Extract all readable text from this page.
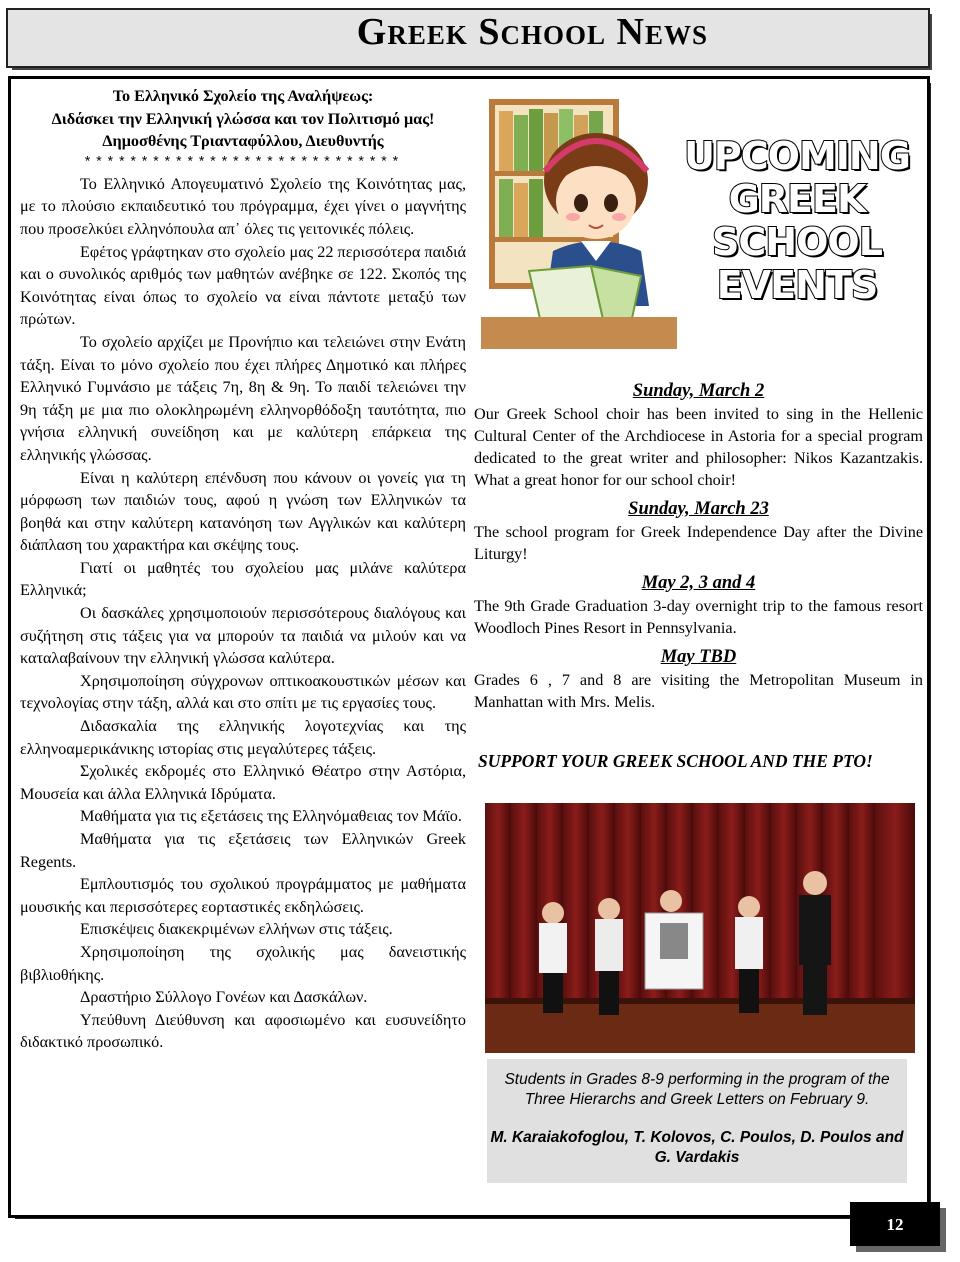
Greek School News
Το Ελληνικό Σχολείο της Αναλήψεως:
Διδάσκει την Ελληνική γλώσσα και τον Πολιτισμό μας!
Δημοσθένης Τριανταφύλλου, Διευθυντής
****************************

Το Ελληνικό Απογευματινό Σχολείο της Κοινότητας μας, με το πλούσιο εκπαιδευτικό του πρόγραμμα, έχει γίνει ο μαγνήτης που προσελκύει ελληνόπουλα απ᾽ όλες τις γειτονικές πόλεις.

Εφέτος γράφτηκαν στο σχολείο μας 22 περισσότερα παιδιά και ο συνολικός αριθμός των μαθητών ανέβηκε σε 122. Σκοπός της Κοινότητας είναι όπως το σχολείο να είναι πάντοτε μεταξύ των πρώτων.

Το σχολείο αρχίζει με Προνήπιο και τελειώνει στην Ενάτη τάξη. Είναι το μόνο σχολείο που έχει πλήρες Δημοτικό και πλήρες Ελληνικό Γυμνάσιο με τάξεις 7η, 8η & 9η. Το παιδί τελειώνει την 9η τάξη με μια πιο ολοκληρωμένη ελληνορθόδοξη ταυτότητα, πιο γνήσια ελληνική συνείδηση και με καλύτερη επάρκεια της ελληνικής γλώσσας.

Είναι η καλύτερη επένδυση που κάνουν οι γονείς για τη μόρφωση των παιδιών τους, αφού η γνώση των Ελληνικών τα βοηθά και στην καλύτερη κατανόηση των Αγγλικών και καλύτερη διάπλαση του χαρακτήρα και σκέψης τους.

Γιατί οι μαθητές του σχολείου μας μιλάνε καλύτερα Ελληνικά;

Οι δασκάλες χρησιμοποιούν περισσότερους διαλόγους και συζήτηση στις τάξεις για να μπορούν τα παιδιά να μιλούν και να καταλαβαίνουν την ελληνική γλώσσα καλύτερα.

Χρησιμοποίηση σύγχρονων οπτικοακουστικών μέσων και τεχνολογίας στην τάξη, αλλά και στο σπίτι με τις εργασίες τους.

Διδασκαλία της ελληνικής λογοτεχνίας και της ελληνοαμερικάνικης ιστορίας στις μεγαλύτερες τάξεις.

Σχολικές εκδρομές στο Ελληνικό Θέατρο στην Αστόρια, Μουσεία και άλλα Ελληνικά Ιδρύματα.

Μαθήματα για τις εξετάσεις της Ελληνόμαθειας τον Μάϊο.

Μαθήματα για τις εξετάσεις των Ελληνικών Greek Regents.

Εμπλουτισμός του σχολικού προγράμματος με μαθήματα μουσικής και περισσότερες εορταστικές εκδηλώσεις.

Επισκέψεις διακεκριμένων ελλήνων στις τάξεις.

Χρησιμοποίηση της σχολικής μας δανειστικής βιβλιοθήκης.

Δραστήριο Σύλλογο Γονέων και Δασκάλων.

Υπεύθυνη Διεύθυνση και αφοσιωμένο και ευσυνείδητο διδακτικό προσωπικό.

UPCOMING
GREEK
SCHOOL
EVENTS
Sunday, March 2

Our Greek School choir has been invited to sing in the Hellenic Cultural Center of the Archdiocese in Astoria for a special program dedicated to the great writer and philosopher: Nikos Kazantzakis. What a great honor for our school choir!

Sunday, March 23

The school program for Greek Independence Day after the Divine Liturgy!

May 2, 3 and 4

The 9th Grade Graduation 3-day overnight trip to the famous resort Woodloch Pines Resort in Pennsylvania.

May TBD

Grades 6 , 7 and 8 are visiting the Metropolitan Museum in Manhattan with Mrs. Melis.

SUPPORT YOUR GREEK SCHOOL AND THE PTO!
Students in Grades 8-9 performing in the program of the Three Hierarchs and Greek Letters on February 9.
M. Karaiakofoglou, T. Kolovos, C. Poulos, D. Poulos and G. Vardakis
12
